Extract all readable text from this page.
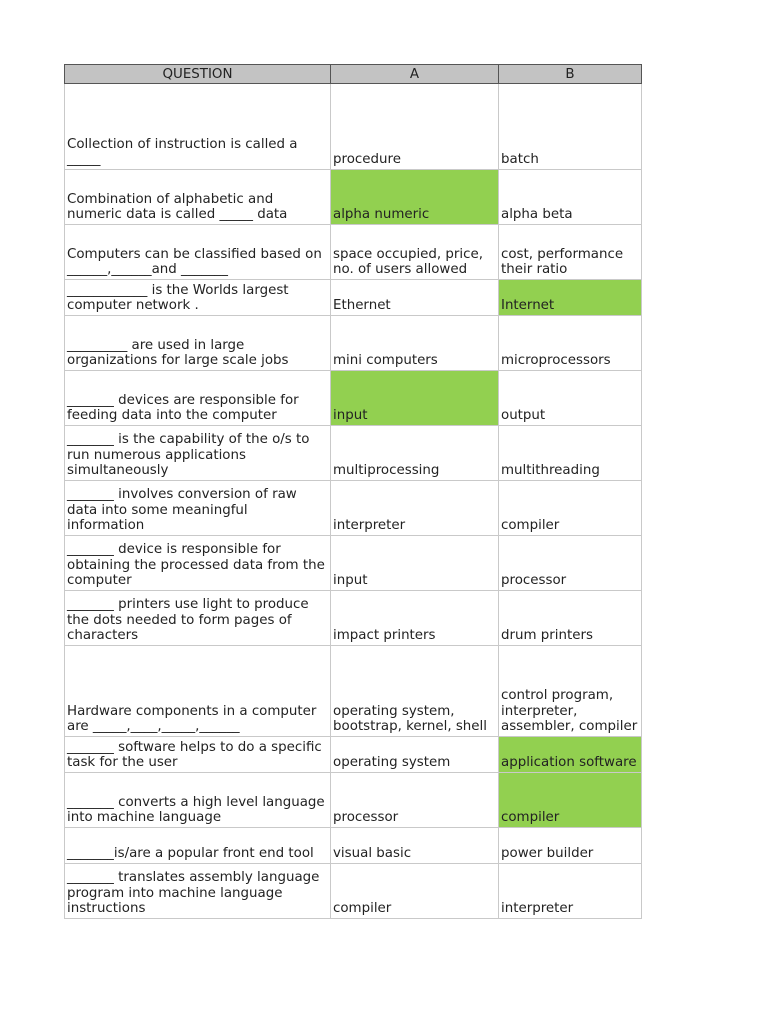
QUESTION	A	B
Collection of instruction is called a _____	procedure	batch
Combination of alphabetic and numeric data is called _____ data	alpha numeric	alpha beta
Computers can be classified based on ______,______and _______	space occupied, price, no. of users allowed	cost, performance their ratio
____________ is the Worlds largest computer network .	Ethernet	Internet
_________ are used in large organizations for large scale jobs	mini computers	microprocessors
_______ devices are responsible for feeding data into the computer	input	output
_______ is the capability of the o/s to run numerous applications simultaneously	multiprocessing	multithreading
_______ involves conversion of raw data into some meaningful information	interpreter	compiler
_______ device is responsible for obtaining the processed data from the computer	input	processor
_______ printers use light to produce the dots needed to form pages of characters	impact printers	drum printers
Hardware components in a computer are _____,____,_____,______	operating system, bootstrap, kernel, shell	control program, interpreter, assembler, compiler
_______ software helps to do a specific task for the user	operating system	application software
_______ converts a high level language into machine language	processor	compiler
_______is/are a popular front end tool	visual basic	power builder
_______ translates assembly language program into machine language instructions	compiler	interpreter
